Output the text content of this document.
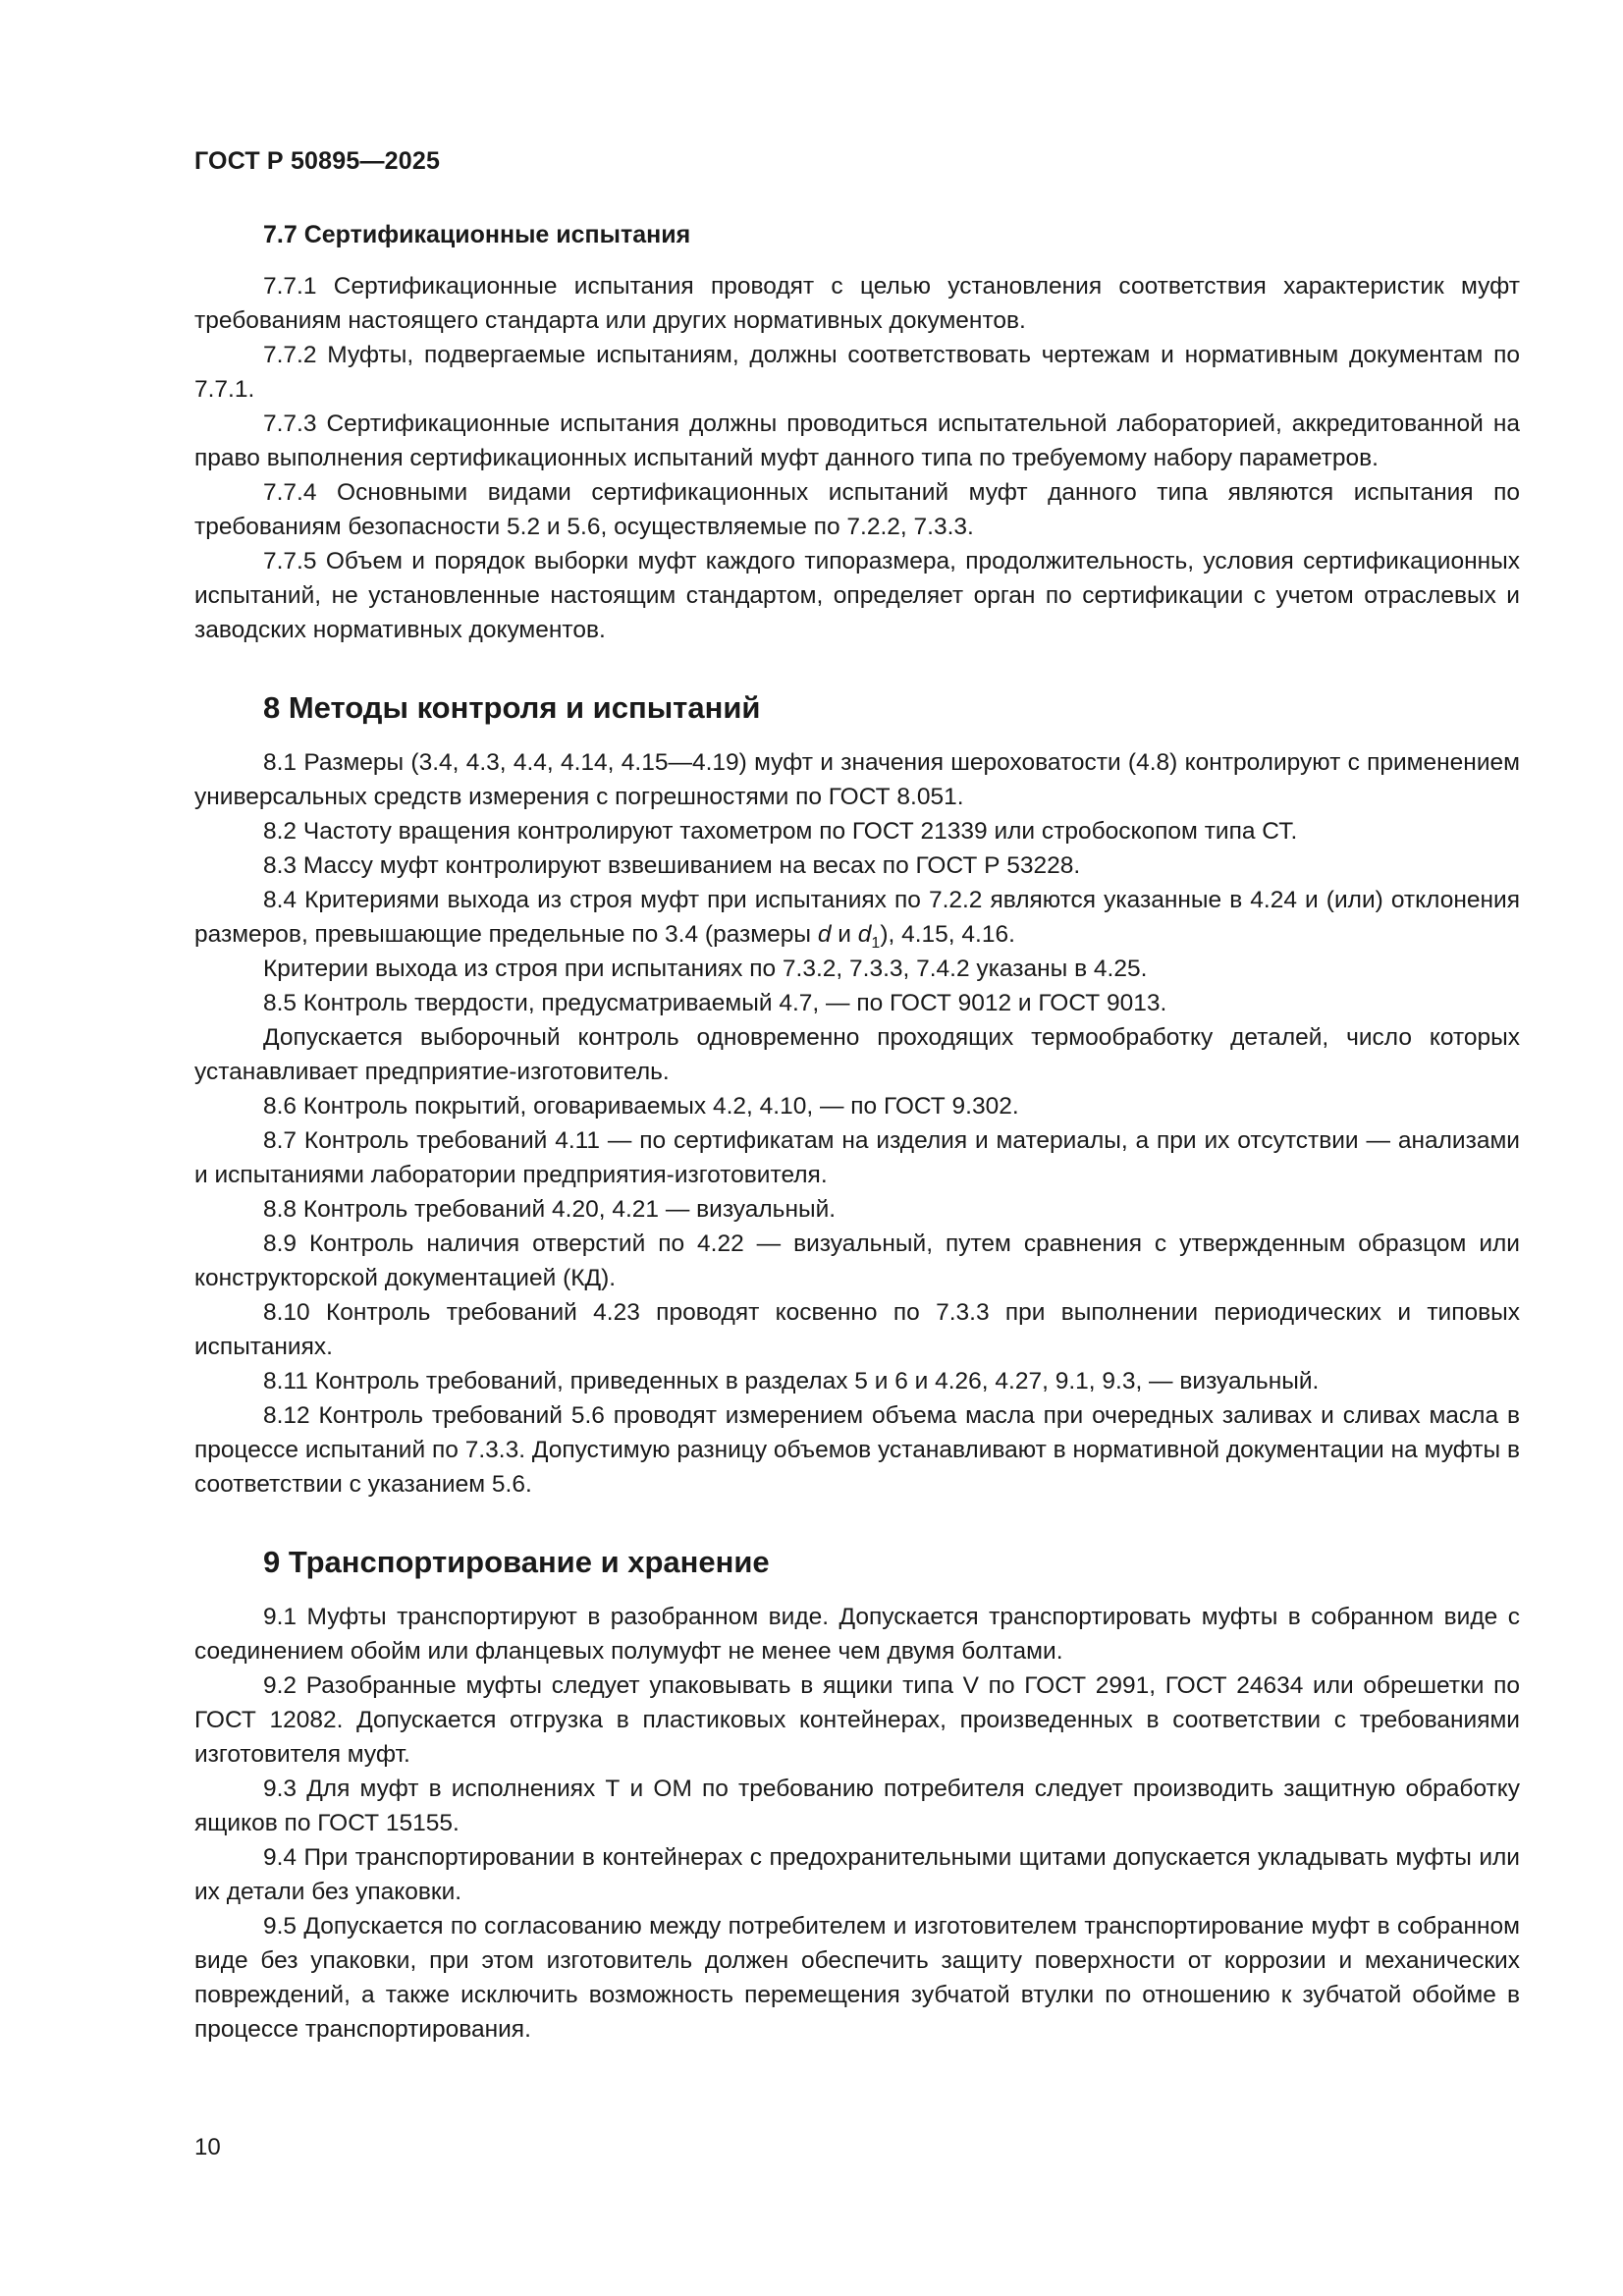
ГОСТ Р 50895—2025
7.7 Сертификационные испытания

7.7.1 Сертификационные испытания проводят с целью установления соответствия характеристик муфт требованиям настоящего стандарта или других нормативных документов.

7.7.2 Муфты, подвергаемые испытаниям, должны соответствовать чертежам и нормативным документам по 7.7.1.

7.7.3 Сертификационные испытания должны проводиться испытательной лабораторией, аккредитованной на право выполнения сертификационных испытаний муфт данного типа по требуемому набору параметров.

7.7.4 Основными видами сертификационных испытаний муфт данного типа являются испытания по требованиям безопасности 5.2 и 5.6, осуществляемые по 7.2.2, 7.3.3.

7.7.5 Объем и порядок выборки муфт каждого типоразмера, продолжительность, условия сертификационных испытаний, не установленные настоящим стандартом, определяет орган по сертификации с учетом отраслевых и заводских нормативных документов.

8 Методы контроля и испытаний

8.1 Размеры (3.4, 4.3, 4.4, 4.14, 4.15—4.19) муфт и значения шероховатости (4.8) контролируют с применением универсальных средств измерения с погрешностями по ГОСТ 8.051.

8.2 Частоту вращения контролируют тахометром по ГОСТ 21339 или стробоскопом типа СТ.

8.3 Массу муфт контролируют взвешиванием на весах по ГОСТ Р 53228.

8.4 Критериями выхода из строя муфт при испытаниях по 7.2.2 являются указанные в 4.24 и (или) отклонения размеров, превышающие предельные по 3.4 (размеры d и $d_1$), 4.15, 4.16.

Критерии выхода из строя при испытаниях по 7.3.2, 7.3.3, 7.4.2 указаны в 4.25.

8.5 Контроль твердости, предусматриваемый 4.7, — по ГОСТ 9012 и ГОСТ 9013.

Допускается выборочный контроль одновременно проходящих термообработку деталей, число которых устанавливает предприятие-изготовитель.

8.6 Контроль покрытий, оговариваемых 4.2, 4.10, — по ГОСТ 9.302.

8.7 Контроль требований 4.11 — по сертификатам на изделия и материалы, а при их отсутствии — анализами и испытаниями лаборатории предприятия-изготовителя.

8.8 Контроль требований 4.20, 4.21 — визуальный.

8.9 Контроль наличия отверстий по 4.22 — визуальный, путем сравнения с утвержденным образцом или конструкторской документацией (КД).

8.10 Контроль требований 4.23 проводят косвенно по 7.3.3 при выполнении периодических и типовых испытаниях.

8.11 Контроль требований, приведенных в разделах 5 и 6 и 4.26, 4.27, 9.1, 9.3, — визуальный.

8.12 Контроль требований 5.6 проводят измерением объема масла при очередных заливах и сливах масла в процессе испытаний по 7.3.3. Допустимую разницу объемов устанавливают в нормативной документации на муфты в соответствии с указанием 5.6.

9 Транспортирование и хранение

9.1 Муфты транспортируют в разобранном виде. Допускается транспортировать муфты в собранном виде с соединением обойм или фланцевых полумуфт не менее чем двумя болтами.

9.2 Разобранные муфты следует упаковывать в ящики типа V по ГОСТ 2991, ГОСТ 24634 или обрешетки по ГОСТ 12082. Допускается отгрузка в пластиковых контейнерах, произведенных в соответствии с требованиями изготовителя муфт.

9.3 Для муфт в исполнениях Т и ОМ по требованию потребителя следует производить защитную обработку ящиков по ГОСТ 15155.

9.4 При транспортировании в контейнерах с предохранительными щитами допускается укладывать муфты или их детали без упаковки.

9.5 Допускается по согласованию между потребителем и изготовителем транспортирование муфт в собранном виде без упаковки, при этом изготовитель должен обеспечить защиту поверхности от коррозии и механических повреждений, а также исключить возможность перемещения зубчатой втулки по отношению к зубчатой обойме в процессе транспортирования.

10
